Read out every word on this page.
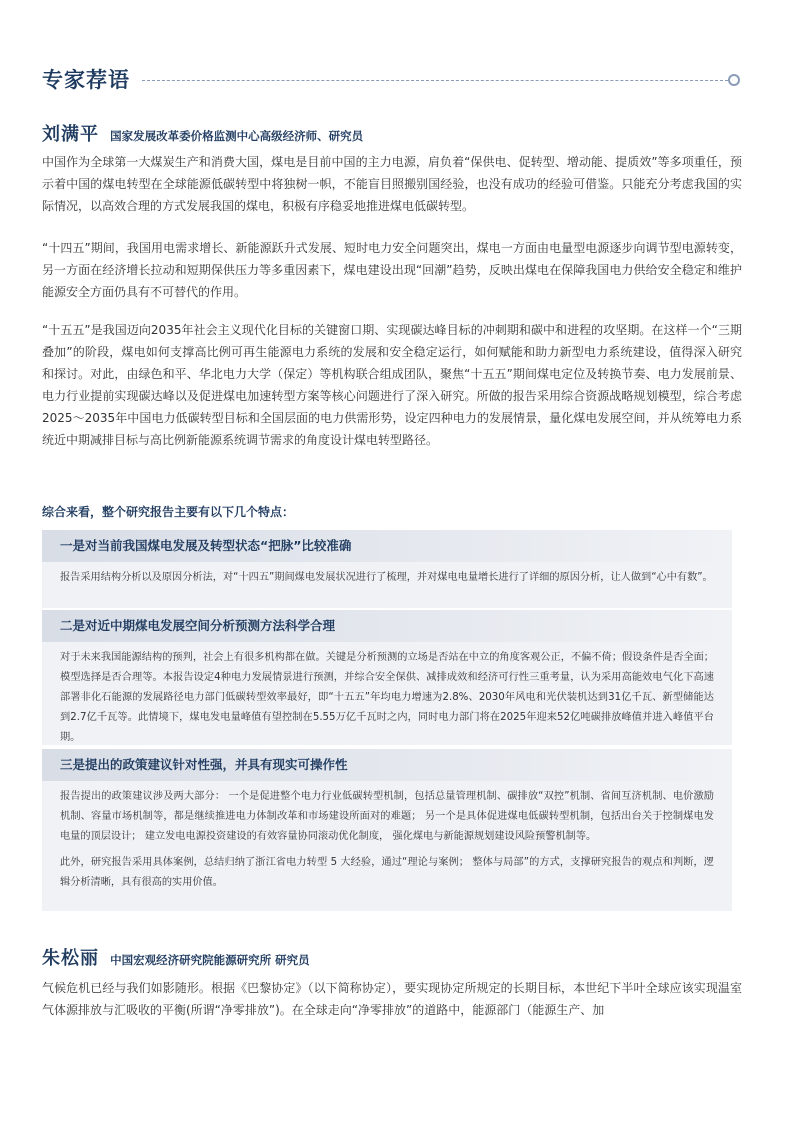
专家荐语
刘满平 国家发展改革委价格监测中心高级经济师、研究员

中国作为全球第一大煤炭生产和消费大国，煤电是目前中国的主力电源，肩负着“保供电、促转型、增动能、提质效”等多项重任，预示着中国的煤电转型在全球能源低碳转型中将独树一帜，不能盲目照搬别国经验，也没有成功的经验可借鉴。只能充分考虑我国的实际情况，以高效合理的方式发展我国的煤电，积极有序稳妥地推进煤电低碳转型。

“十四五”期间，我国用电需求增长、新能源跃升式发展、短时电力安全问题突出，煤电一方面由电量型电源逐步向调节型电源转变，另一方面在经济增长拉动和短期保供压力等多重因素下，煤电建设出现“回潮”趋势，反映出煤电在保障我国电力供给安全稳定和维护能源安全方面仍具有不可替代的作用。

“十五五”是我国迈向2035年社会主义现代化目标的关键窗口期、实现碳达峰目标的冲刺期和碳中和进程的攻坚期。在这样一个“三期叠加”的阶段，煤电如何支撑高比例可再生能源电力系统的发展和安全稳定运行，如何赋能和助力新型电力系统建设，值得深入研究和探讨。对此，由绿色和平、华北电力大学（保定）等机构联合组成团队，聚焦“十五五”期间煤电定位及转换节奏、电力发展前景、电力行业提前实现碳达峰以及促进煤电加速转型方案等核心问题进行了深入研究。所做的报告采用综合资源战略规划模型，综合考虑2025～2035年中国电力低碳转型目标和全国层面的电力供需形势，设定四种电力的发展情景，量化煤电发展空间，并从统筹电力系统近中期减排目标与高比例新能源系统调节需求的角度设计煤电转型路径。

综合来看，整个研究报告主要有以下几个特点：
一是对当前我国煤电发展及转型状态“把脉”比较准确

报告采用结构分析以及原因分析法，对“十四五”期间煤电发展状况进行了梳理，并对煤电电量增长进行了详细的原因分析，让人做到“心中有数”。

二是对近中期煤电发展空间分析预测方法科学合理

对于未来我国能源结构的预判，社会上有很多机构都在做。关键是分析预测的立场是否站在中立的角度客观公正，不偏不倚；假设条件是否全面；模型选择是否合理等。本报告设定4种电力发展情景进行预测，并综合安全保供、减排成效和经济可行性三重考量，认为采用高能效电气化下高速部署非化石能源的发展路径电力部门低碳转型效率最好，即“十五五”年均电力增速为2.8%、2030年风电和光伏装机达到31亿千瓦、新型储能达到2.7亿千瓦等。此情境下，煤电发电量峰值有望控制在5.55万亿千瓦时之内，同时电力部门将在2025年迎来52亿吨碳排放峰值并进入峰值平台期。

三是提出的政策建议针对性强，并具有现实可操作性

报告提出的政策建议涉及两大部分： 一个是促进整个电力行业低碳转型机制，包括总量管理机制、碳排放“双控”机制、省间互济机制、电价激励机制、容量市场机制等，都是继续推进电力体制改革和市场建设所面对的难题； 另一个是具体促进煤电低碳转型机制，包括出台关于控制煤电发电量的顶层设计； 建立发电电源投资建设的有效容量协同滚动优化制度， 强化煤电与新能源规划建设风险预警机制等。

此外，研究报告采用具体案例，总结归纳了浙江省电力转型 5 大经验，通过“理论与案例； 整体与局部”的方式，支撑研究报告的观点和判断，逻辑分析清晰，具有很高的实用价值。

朱松丽 中国宏观经济研究院能源研究所 研究员

气候危机已经与我们如影随形。根据《巴黎协定》（以下简称协定），要实现协定所规定的长期目标，本世纪下半叶全球应该实现温室气体源排放与汇吸收的平衡(所谓“净零排放”)。在全球走向“净零排放”的道路中，能源部门（能源生产、加
